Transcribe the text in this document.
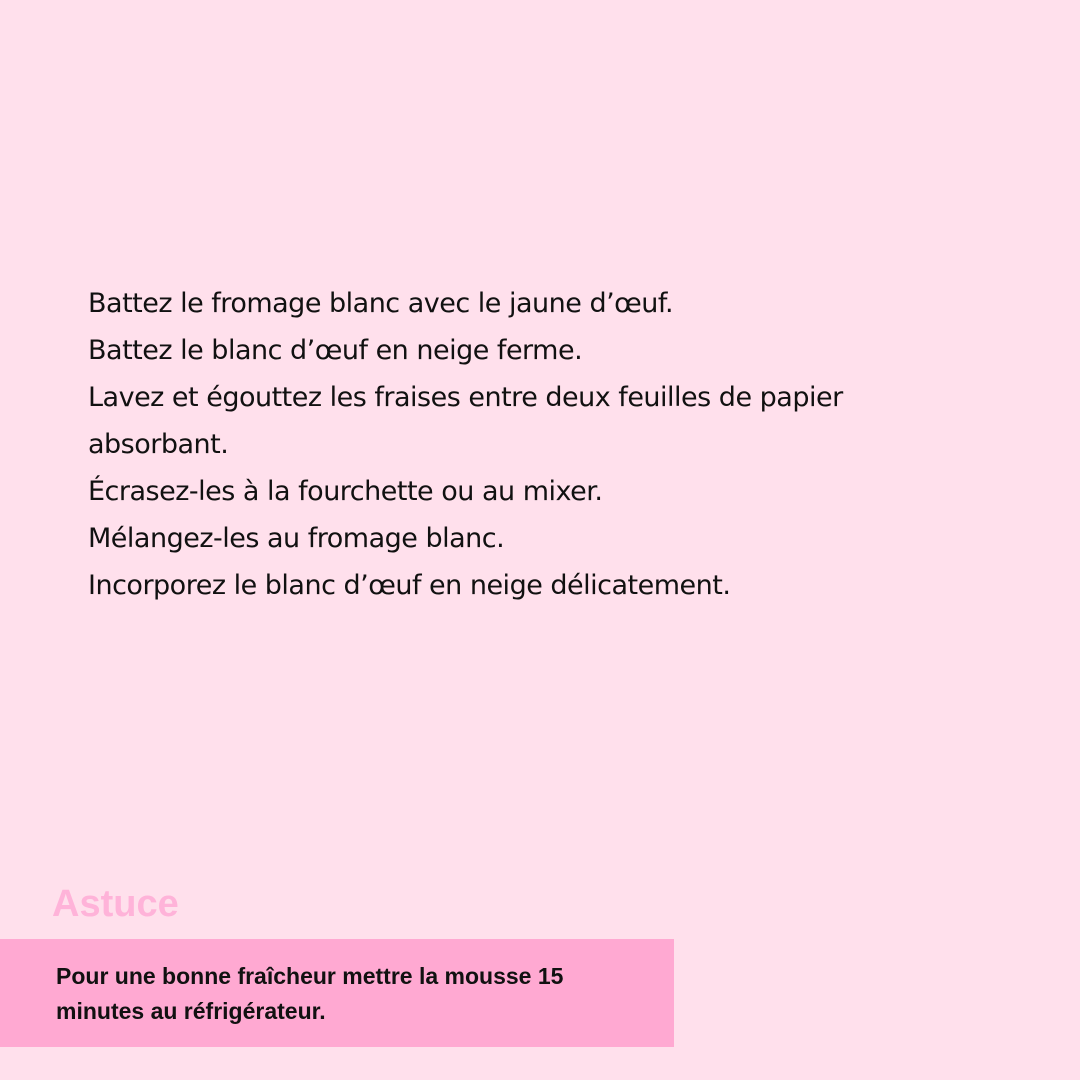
Battez le fromage blanc avec le jaune d’œuf.
Battez le blanc d’œuf en neige ferme.
Lavez et égouttez les fraises entre deux feuilles de papier absorbant.
Écrasez-les à la fourchette ou au mixer.
Mélangez-les au fromage blanc.
Incorporez le blanc d’œuf en neige délicatement.
Astuce

Pour une bonne fraîcheur mettre la mousse 15 minutes au réfrigérateur.
